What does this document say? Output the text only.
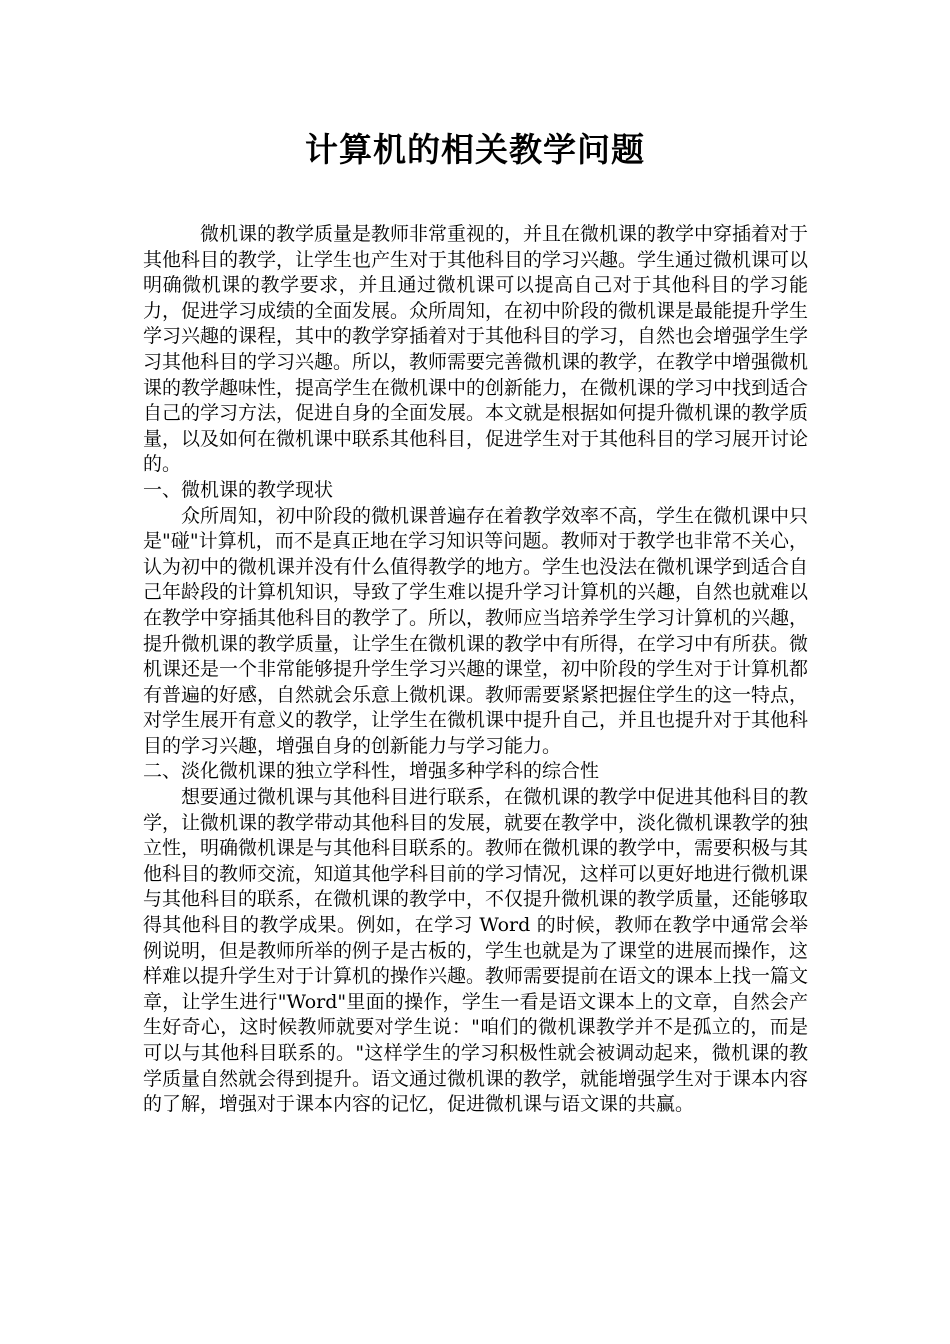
计算机的相关教学问题

微机课的教学质量是教师非常重视的，并且在微机课的教学中穿插着对于其他科目的教学，让学生也产生对于其他科目的学习兴趣。学生通过微机课可以明确微机课的教学要求，并且通过微机课可以提高自己对于其他科目的学习能力，促进学习成绩的全面发展。众所周知，在初中阶段的微机课是最能提升学生学习兴趣的课程，其中的教学穿插着对于其他科目的学习，自然也会增强学生学习其他科目的学习兴趣。所以，教师需要完善微机课的教学，在教学中增强微机课的教学趣味性，提高学生在微机课中的创新能力，在微机课的学习中找到适合自己的学习方法，促进自身的全面发展。本文就是根据如何提升微机课的教学质量，以及如何在微机课中联系其他科目，促进学生对于其他科目的学习展开讨论的。

一、微机课的教学现状

众所周知，初中阶段的微机课普遍存在着教学效率不高，学生在微机课中只是"碰"计算机，而不是真正地在学习知识等问题。教师对于教学也非常不关心，认为初中的微机课并没有什么值得教学的地方。学生也没法在微机课学到适合自己年龄段的计算机知识，导致了学生难以提升学习计算机的兴趣，自然也就难以在教学中穿插其他科目的教学了。所以，教师应当培养学生学习计算机的兴趣，提升微机课的教学质量，让学生在微机课的教学中有所得，在学习中有所获。微机课还是一个非常能够提升学生学习兴趣的课堂，初中阶段的学生对于计算机都有普遍的好感，自然就会乐意上微机课。教师需要紧紧把握住学生的这一特点，对学生展开有意义的教学，让学生在微机课中提升自己，并且也提升对于其他科目的学习兴趣，增强自身的创新能力与学习能力。

二、淡化微机课的独立学科性，增强多种学科的综合性

想要通过微机课与其他科目进行联系，在微机课的教学中促进其他科目的教学，让微机课的教学带动其他科目的发展，就要在教学中，淡化微机课教学的独立性，明确微机课是与其他科目联系的。教师在微机课的教学中，需要积极与其他科目的教师交流，知道其他学科目前的学习情况，这样可以更好地进行微机课与其他科目的联系，在微机课的教学中，不仅提升微机课的教学质量，还能够取得其他科目的教学成果。例如，在学习 Word 的时候，教师在教学中通常会举例说明，但是教师所举的例子是古板的，学生也就是为了课堂的进展而操作，这样难以提升学生对于计算机的操作兴趣。教师需要提前在语文的课本上找一篇文章，让学生进行"Word"里面的操作，学生一看是语文课本上的文章，自然会产生好奇心，这时候教师就要对学生说："咱们的微机课教学并不是孤立的，而是可以与其他科目联系的。"这样学生的学习积极性就会被调动起来，微机课的教学质量自然就会得到提升。语文通过微机课的教学，就能增强学生对于课本内容的了解，增强对于课本内容的记忆，促进微机课与语文课的共赢。
